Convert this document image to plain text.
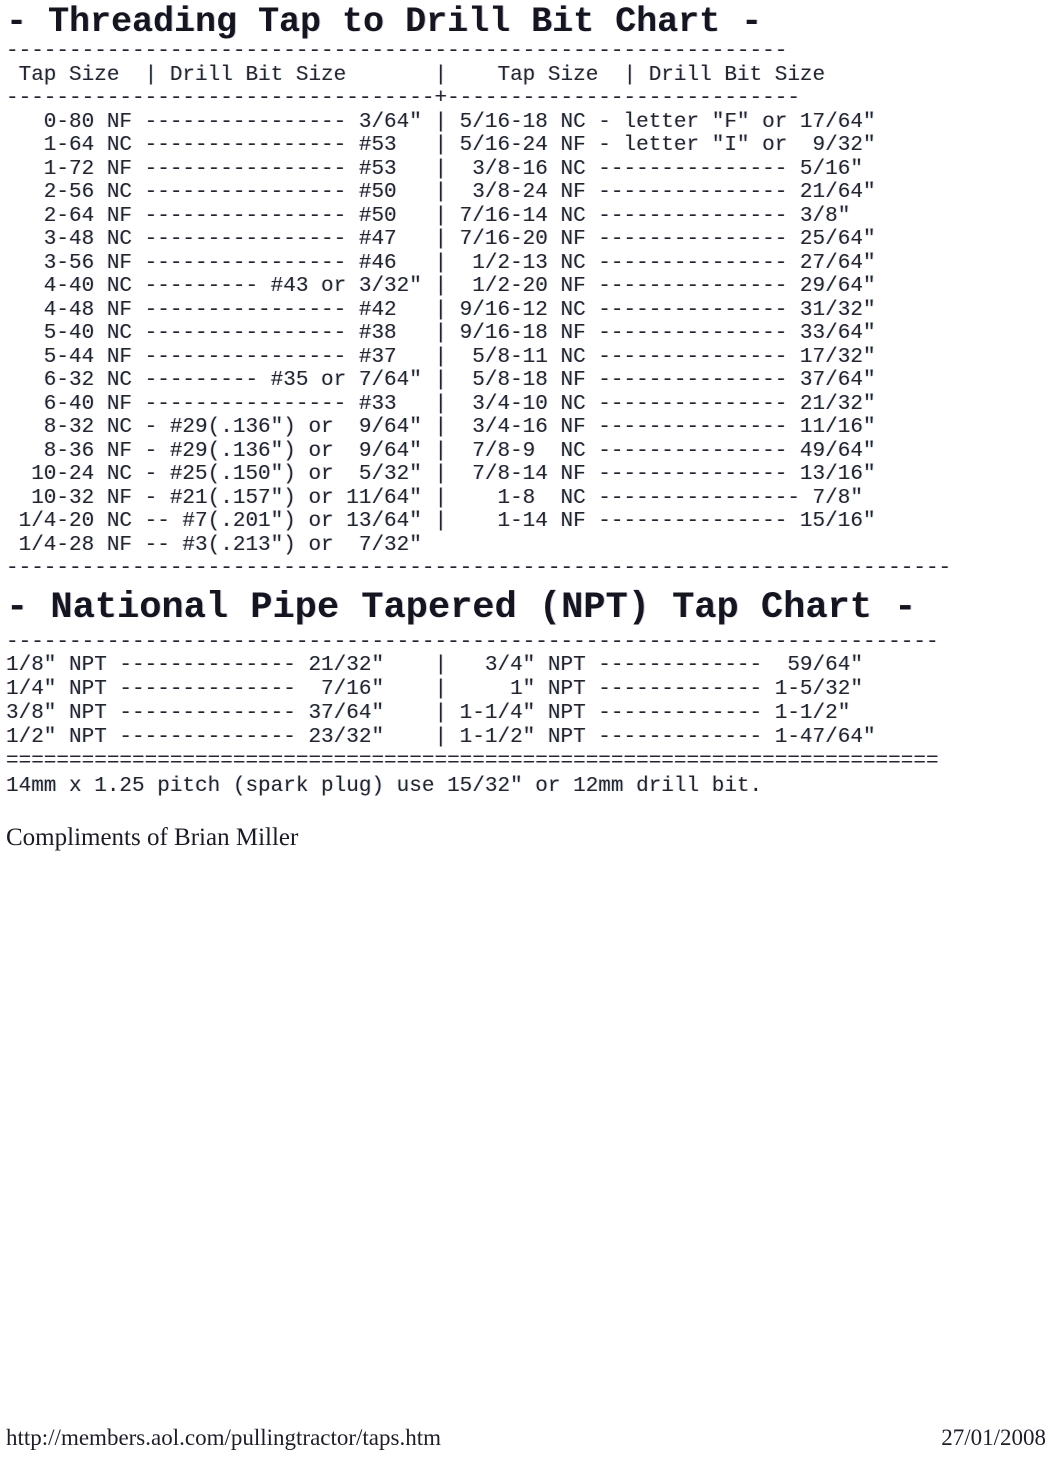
- Threading Tap to Drill Bit Chart -
--------------------------------------------------------------
Tap Size  | Drill Bit Size       |    Tap Size  | Drill Bit Size
----------------------------------+----------------------------
0-80 NF ---------------- 3/64" | 5/16-18 NC - letter "F" or 17/64"
1-64 NC ---------------- #53   | 5/16-24 NF - letter "I" or  9/32"
1-72 NF ---------------- #53   |  3/8-16 NC --------------- 5/16"
2-56 NC ---------------- #50   |  3/8-24 NF --------------- 21/64"
2-64 NF ---------------- #50   | 7/16-14 NC --------------- 3/8"
3-48 NC ---------------- #47   | 7/16-20 NF --------------- 25/64"
3-56 NF ---------------- #46   |  1/2-13 NC --------------- 27/64"
4-40 NC --------- #43 or 3/32" |  1/2-20 NF --------------- 29/64"
4-48 NF ---------------- #42   | 9/16-12 NC --------------- 31/32"
5-40 NC ---------------- #38   | 9/16-18 NF --------------- 33/64"
5-44 NF ---------------- #37   |  5/8-11 NC --------------- 17/32"
6-32 NC --------- #35 or 7/64" |  5/8-18 NF --------------- 37/64"
6-40 NF ---------------- #33   |  3/4-10 NC --------------- 21/32"
8-32 NC - #29(.136") or  9/64" |  3/4-16 NF --------------- 11/16"
8-36 NF - #29(.136") or  9/64" |  7/8-9  NC --------------- 49/64"
10-24 NC - #25(.150") or  5/32" |  7/8-14 NF --------------- 13/16"
10-32 NF - #21(.157") or 11/64" |    1-8  NC ---------------- 7/8"
1/4-20 NC -- #7(.201") or 13/64" |    1-14 NF --------------- 15/16"
1/4-28 NF -- #3(.213") or  7/32"
---------------------------------------------------------------------------
- National Pipe Tapered (NPT) Tap Chart -
--------------------------------------------------------------------------
1/8" NPT -------------- 21/32"    |   3/4" NPT -------------  59/64"
1/4" NPT --------------  7/16"    |     1" NPT ------------- 1-5/32"
3/8" NPT -------------- 37/64"    | 1-1/4" NPT ------------- 1-1/2"
1/2" NPT -------------- 23/32"    | 1-1/2" NPT ------------- 1-47/64"
==========================================================================
14mm x 1.25 pitch (spark plug) use 15/32" or 12mm drill bit.
Compliments of Brian Miller
http://members.aol.com/pullingtractor/taps.htm	27/01/2008
